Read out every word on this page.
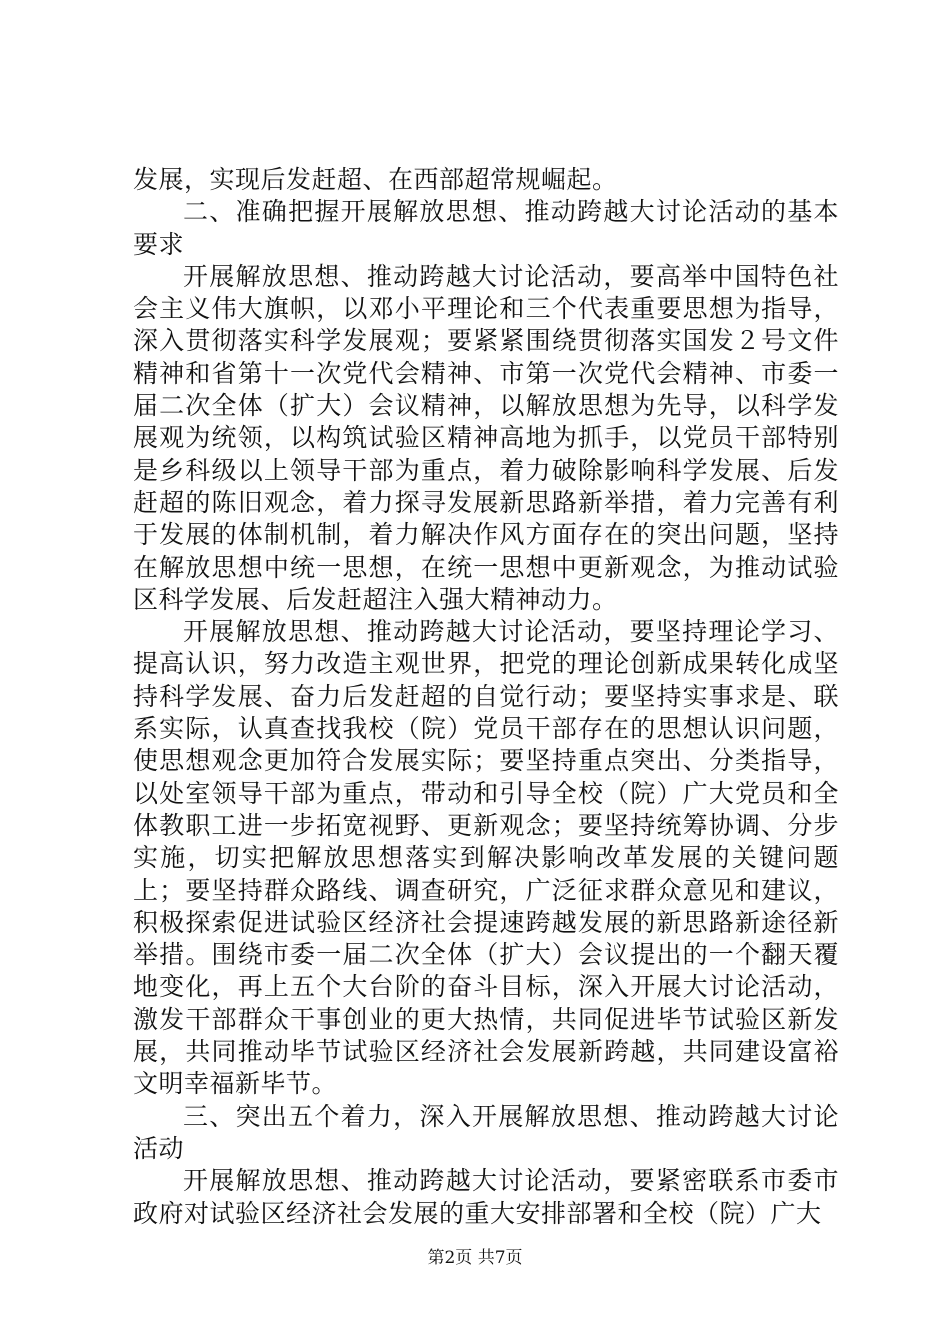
发展，实现后发赶超、在西部超常规崛起。

二、准确把握开展解放思想、推动跨越大讨论活动的基本要求

开展解放思想、推动跨越大讨论活动，要高举中国特色社会主义伟大旗帜，以邓小平理论和三个代表重要思想为指导，深入贯彻落实科学发展观；要紧紧围绕贯彻落实国发２号文件精神和省第十一次党代会精神、市第一次党代会精神、市委一届二次全体（扩大）会议精神，以解放思想为先导，以科学发展观为统领，以构筑试验区精神高地为抓手，以党员干部特别是乡科级以上领导干部为重点，着力破除影响科学发展、后发赶超的陈旧观念，着力探寻发展新思路新举措，着力完善有利于发展的体制机制，着力解决作风方面存在的突出问题，坚持在解放思想中统一思想，在统一思想中更新观念，为推动试验区科学发展、后发赶超注入强大精神动力。

开展解放思想、推动跨越大讨论活动，要坚持理论学习、提高认识，努力改造主观世界，把党的理论创新成果转化成坚持科学发展、奋力后发赶超的自觉行动；要坚持实事求是、联系实际，认真查找我校（院）党员干部存在的思想认识问题，使思想观念更加符合发展实际；要坚持重点突出、分类指导，以处室领导干部为重点，带动和引导全校（院）广大党员和全体教职工进一步拓宽视野、更新观念；要坚持统筹协调、分步实施，切实把解放思想落实到解决影响改革发展的关键问题上；要坚持群众路线、调查研究，广泛征求群众意见和建议，积极探索促进试验区经济社会提速跨越发展的新思路新途径新举措。围绕市委一届二次全体（扩大）会议提出的一个翻天覆地变化，再上五个大台阶的奋斗目标，深入开展大讨论活动，激发干部群众干事创业的更大热情，共同促进毕节试验区新发展，共同推动毕节试验区经济社会发展新跨越，共同建设富裕文明幸福新毕节。

三、突出五个着力，深入开展解放思想、推动跨越大讨论活动

开展解放思想、推动跨越大讨论活动，要紧密联系市委市政府对试验区经济社会发展的重大安排部署和全校（院）广大

第2页 共7页
